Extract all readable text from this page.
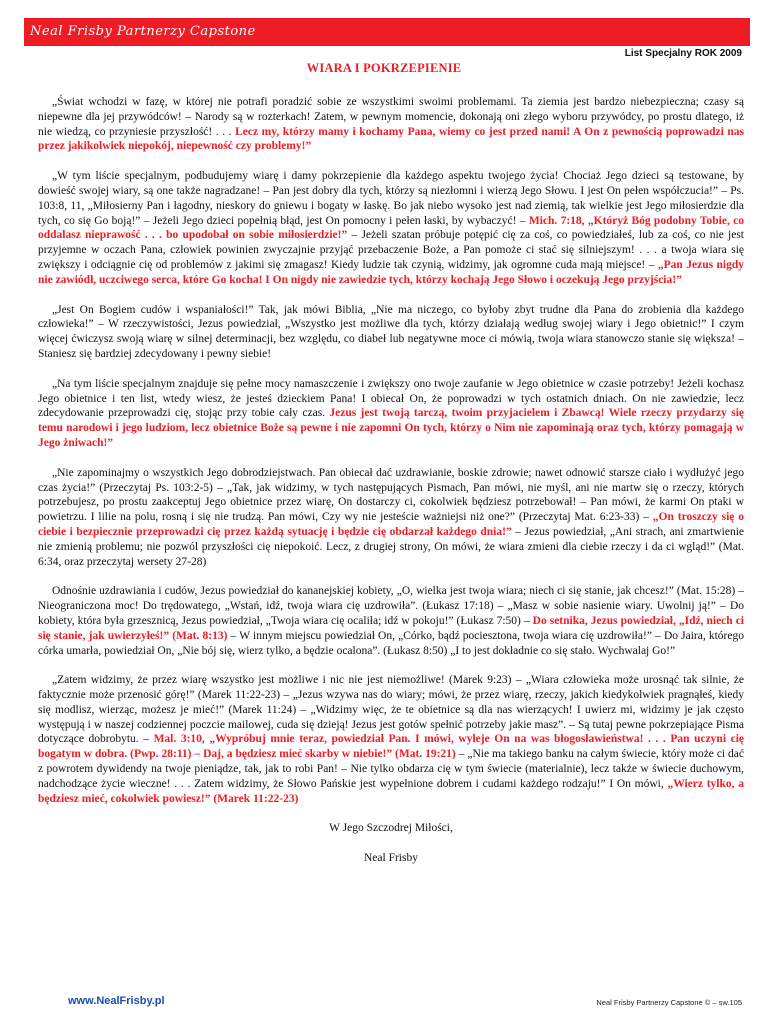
Neal Frisby Partnerzy Capstone
List Specjalny ROK 2009
WIARA I POKRZEPIENIE

„Świat wchodzi w fazę, w której nie potrafi poradzić sobie ze wszystkimi swoimi problemami. Ta ziemia jest bardzo niebezpieczna; czasy są niepewne dla jej przywódców! – Narody są w rozterkach! Zatem, w pewnym momencie, dokonają oni złego wyboru przywódcy, po prostu dlatego, iż nie wiedzą, co przyniesie przyszłość! . . . Lecz my, którzy mamy i kochamy Pana, wiemy co jest przed nami! A On z pewnością poprowadzi nas przez jakikolwiek niepokój, niepewność czy problemy!”

„W tym liście specjalnym, podbudujemy wiarę i damy pokrzepienie dla każdego aspektu twojego życia! Chociaż Jego dzieci są testowane, by dowieść swojej wiary, są one także nagradzane! – Pan jest dobry dla tych, którzy są niezłomni i wierzą Jego Słowu. I jest On pełen współczucia!” – Ps. 103:8, 11, „Miłosierny Pan i łagodny, nieskory do gniewu i bogaty w łaskę. Bo jak niebo wysoko jest nad ziemią, tak wielkie jest Jego miłosierdzie dla tych, co się Go boją!” – Jeżeli Jego dzieci popełnią błąd, jest On pomocny i pełen łaski, by wybaczyć! – Mich. 7:18, „Któryż Bóg podobny Tobie, co oddalasz nieprawość . . . bo upodobał on sobie miłosierdzie!” – Jeżeli szatan próbuje potępić cię za coś, co powiedziałeś, lub za coś, co nie jest przyjemne w oczach Pana, człowiek powinien zwyczajnie przyjąć przebaczenie Boże, a Pan pomoże ci stać się silniejszym! . . . a twoja wiara się zwiększy i odciągnie cię od problemów z jakimi się zmagasz! Kiedy ludzie tak czynią, widzimy, jak ogromne cuda mają miejsce! – „Pan Jezus nigdy nie zawiódł, uczciwego serca, które Go kocha! I On nigdy nie zawiedzie tych, którzy kochają Jego Słowo i oczekują Jego przyjścia!”

„Jest On Bogiem cudów i wspaniałości!” Tak, jak mówi Biblia, „Nie ma niczego, co byłoby zbyt trudne dla Pana do zrobienia dla każdego człowieka!” – W rzeczywistości, Jezus powiedział, „Wszystko jest możliwe dla tych, którzy działają według swojej wiary i Jego obietnic!” I czym więcej ćwiczysz swoją wiarę w silnej determinacji, bez względu, co diabeł lub negatywne moce ci mówią, twoja wiara stanowczo stanie się większa! – Staniesz się bardziej zdecydowany i pewny siebie!

„Na tym liście specjalnym znajduje się pełne mocy namaszczenie i zwiększy ono twoje zaufanie w Jego obietnice w czasie potrzeby! Jeżeli kochasz Jego obietnice i ten list, wtedy wiesz, że jesteś dzieckiem Pana! I obiecał On, że poprowadzi w tych ostatnich dniach. On nie zawiedzie, lecz zdecydowanie przeprowadzi cię, stojąc przy tobie cały czas. Jezus jest twoją tarczą, twoim przyjacielem i Zbawcą! Wiele rzeczy przydarzy się temu narodowi i jego ludziom, lecz obietnice Boże są pewne i nie zapomni On tych, którzy o Nim nie zapominają oraz tych, którzy pomagają w Jego żniwach!”

„Nie zapominajmy o wszystkich Jego dobrodziejstwach. Pan obiecał dać uzdrawianie, boskie zdrowie; nawet odnowić starsze ciało i wydłużyć jego czas życia!” (Przeczytaj Ps. 103:2-5) – „Tak, jak widzimy, w tych następujących Pismach, Pan mówi, nie myśl, ani nie martw się o rzeczy, których potrzebujesz, po prostu zaakceptuj Jego obietnice przez wiarę, On dostarczy ci, cokolwiek będziesz potrzebował! – Pan mówi, że karmi On ptaki w powietrzu. I lilie na polu, rosną i się nie trudzą. Pan mówi, Czy wy nie jesteście ważniejsi niż one?” (Przeczytaj Mat. 6:23-33) – „On troszczy się o ciebie i bezpiecznie przeprowadzi cię przez każdą sytuację i będzie cię obdarzał każdego dnia!” – Jezus powiedział, „Ani strach, ani zmartwienie nie zmienią problemu; nie pozwól przyszłości cię niepokoić. Lecz, z drugiej strony, On mówi, że wiara zmieni dla ciebie rzeczy i da ci wgląd!” (Mat. 6:34, oraz przeczytaj wersety 27-28)

Odnośnie uzdrawiania i cudów, Jezus powiedział do kananejskiej kobiety, „O, wielka jest twoja wiara; niech ci się stanie, jak chcesz!” (Mat. 15:28) – Nieograniczona moc! Do trędowatego, „Wstań, idź, twoja wiara cię uzdrowiła”. (Łukasz 17:18) – „Masz w sobie nasienie wiary. Uwolnij ją!” – Do kobiety, która była grzesznicą, Jezus powiedział, „Twoja wiara cię ocaliła; idź w pokoju!” (Łukasz 7:50) – Do setnika, Jezus powiedział, „Idź, niech ci się stanie, jak uwierzyłeś!” (Mat. 8:13) – W innym miejscu powiedział On, „Córko, bądź pociesztona, twoja wiara cię uzdrowiła!” – Do Jaira, którego córka umarła, powiedział On, „Nie bój się, wierz tylko, a będzie ocalona”. (Łukasz 8:50) „I to jest dokładnie co się stało. Wychwalaj Go!”

„Zatem widzimy, że przez wiarę wszystko jest możliwe i nic nie jest niemożliwe! (Marek 9:23) – „Wiara człowieka może urosnąć tak silnie, że faktycznie może przenosić górę!” (Marek 11:22-23) – „Jezus wzywa nas do wiary; mówi, że przez wiarę, rzeczy, jakich kiedykolwiek pragnąłeś, kiedy się modlisz, wierząc, możesz je mieć!” (Marek 11:24) – „Widzimy więc, że te obietnice są dla nas wierzących! I uwierz mi, widzimy je jak często występują i w naszej codziennej poczcie mailowej, cuda się dzieją! Jezus jest gotów spełnić potrzeby jakie masz”. – Są tutaj pewne pokrzepiające Pisma dotyczące dobrobytu. – Mal. 3:10, „Wypróbuj mnie teraz, powiedział Pan. I mówi, wyleje On na was błogosławieństwa! . . . Pan uczyni cię bogatym w dobra. (Pwp. 28:11) – Daj, a będziesz mieć skarby w niebie!” (Mat. 19:21) – „Nie ma takiego banku na całym świecie, który może ci dać z powrotem dywidendy na twoje pieniądze, tak, jak to robi Pan! – Nie tylko obdarza cię w tym świecie (materialnie), lecz także w świecie duchowym, nadchodzące życie wieczne! . . . Zatem widzimy, że Słowo Pańskie jest wypełnione dobrem i cudami każdego rodzaju!” I On mówi, „Wierz tylko, a będziesz mieć, cokolwiek powiesz!” (Marek 11:22-23)

W Jego Szczodrej Miłości,

Neal Frisby

www.NealFrisby.pl	Neal Frisby Partnerzy Capstone © – sw.105
